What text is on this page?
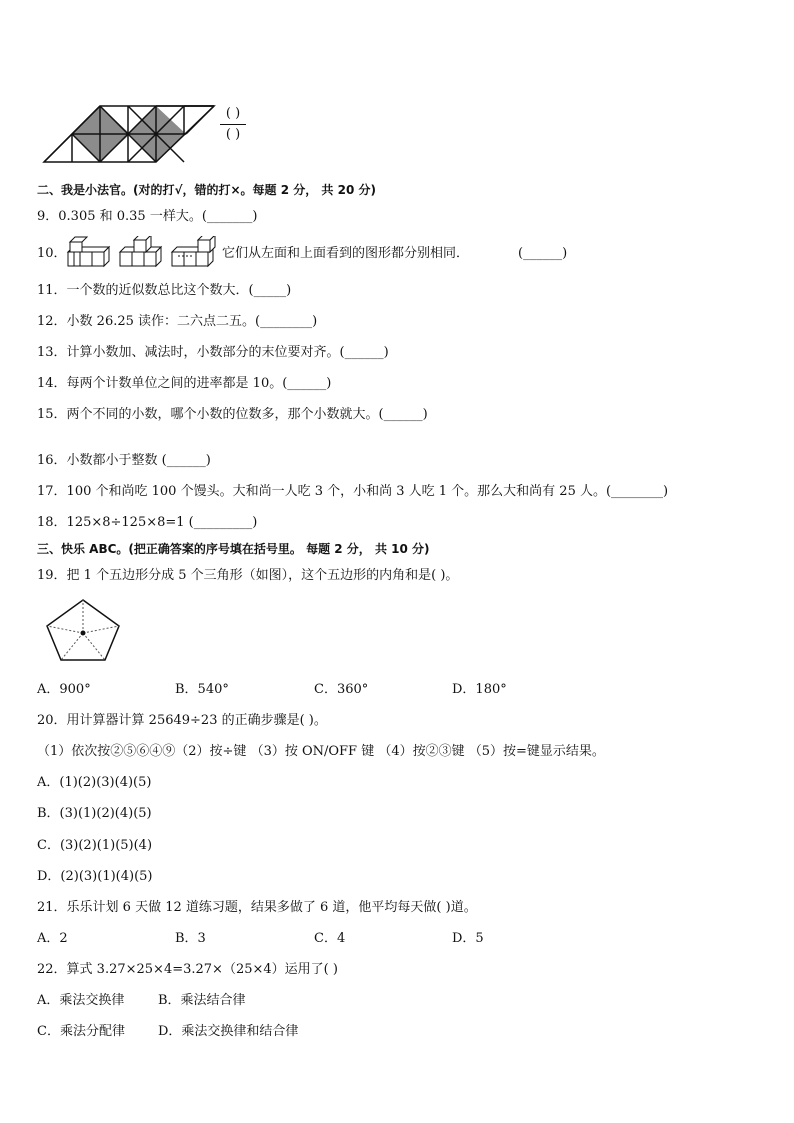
( )
( )
二、我是小法官。(对的打√，错的打×。每题 2 分， 共 20 分)
9．0.305 和 0.35 一样大。(_______)
10．	它们从左面和上面看到的图形都分别相同．	(______)
11．一个数的近似数总比这个数大．(_____)
12．小数 26.25 读作：二六点二五。(________)
13．计算小数加、减法时，小数部分的末位要对齐。(______)
14．每两个计数单位之间的进率都是 10。(______)
15．两个不同的小数，哪个小数的位数多，那个小数就大。(______)
16．小数都小于整数 (______)
17．100 个和尚吃 100 个馒头。大和尚一人吃 3 个，小和尚 3 人吃 1 个。那么大和尚有 25 人。(________)
18．125×8÷125×8=1 (_________)
三、快乐 ABC。(把正确答案的序号填在括号里。 每题 2 分， 共 10 分)
19．把 1 个五边形分成 5 个三角形（如图），这个五边形的内角和是( )。
A．900°	B．540°	C．360°	D．180°
20．用计算器计算 25649÷23 的正确步骤是( )。
（1）依次按②⑤⑥④⑨（2）按÷键 （3）按 ON/OFF 键 （4）按②③键 （5）按=键显示结果。
A．(1)(2)(3)(4)(5)
B．(3)(1)(2)(4)(5)
C．(3)(2)(1)(5)(4)
D．(2)(3)(1)(4)(5)
21．乐乐计划 6 天做 12 道练习题，结果多做了 6 道，他平均每天做( )道。
A．2	B．3	C．4	D．5
22．算式 3.27×25×4=3.27×（25×4）运用了( )
A．乘法交换律	B．乘法结合律
C．乘法分配律	D．乘法交换律和结合律
